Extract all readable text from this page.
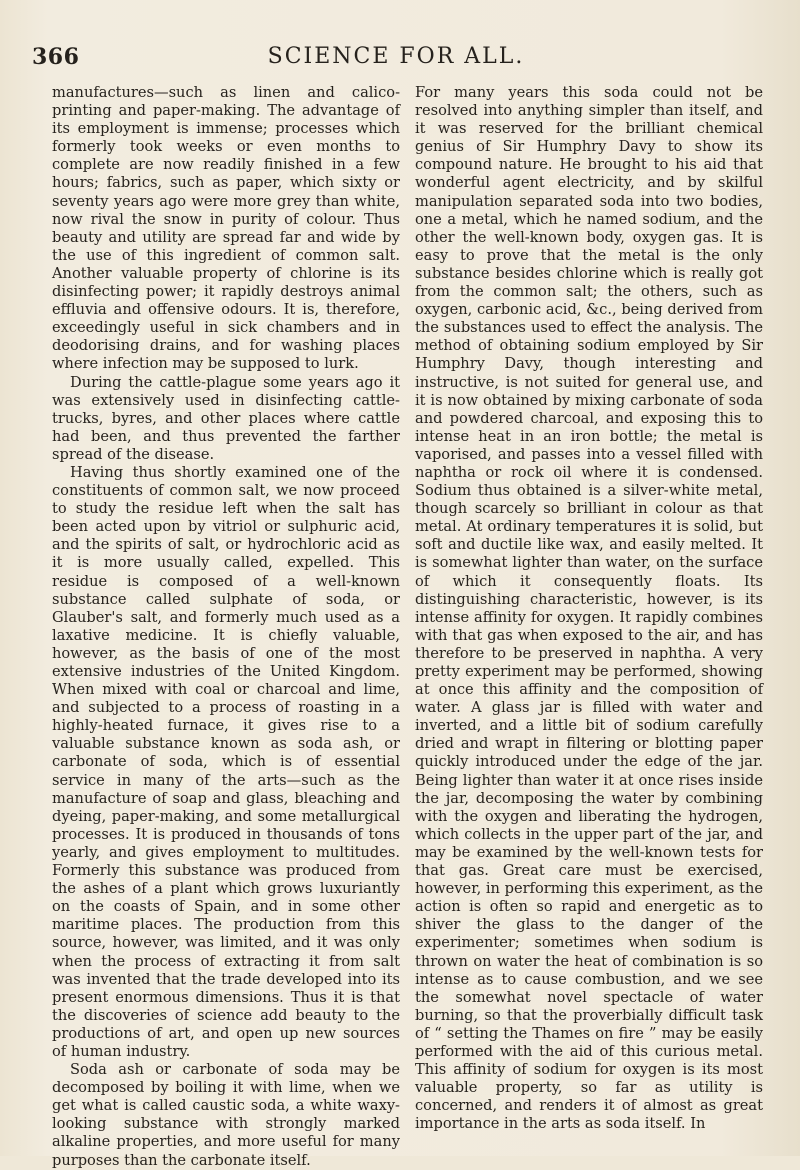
366	SCIENCE FOR ALL.

manufactures—such as linen and calico-printing and paper-making. The advantage of its employment is immense; processes which formerly took weeks or even months to complete are now readily finished in a few hours; fabrics, such as paper, which sixty or seventy years ago were more grey than white, now rival the snow in purity of colour. Thus beauty and utility are spread far and wide by the use of this ingredient of common salt. Another valuable property of chlorine is its disinfecting power; it rapidly destroys animal effluvia and offensive odours. It is, therefore, exceedingly useful in sick chambers and in deodorising drains, and for washing places where infection may be supposed to lurk.

During the cattle-plague some years ago it was extensively used in disinfecting cattle-trucks, byres, and other places where cattle had been, and thus prevented the farther spread of the disease.

Having thus shortly examined one of the constituents of common salt, we now proceed to study the residue left when the salt has been acted upon by vitriol or sulphuric acid, and the spirits of salt, or hydrochloric acid as it is more usually called, expelled. This residue is composed of a well-known substance called sulphate of soda, or Glauber's salt, and formerly much used as a laxative medicine. It is chiefly valuable, however, as the basis of one of the most extensive industries of the United Kingdom. When mixed with coal or charcoal and lime, and subjected to a process of roasting in a highly-heated furnace, it gives rise to a valuable substance known as soda ash, or carbonate of soda, which is of essential service in many of the arts—such as the manufacture of soap and glass, bleaching and dyeing, paper-making, and some metallurgical processes. It is produced in thousands of tons yearly, and gives employment to multitudes. Formerly this substance was produced from the ashes of a plant which grows luxuriantly on the coasts of Spain, and in some other maritime places. The production from this source, however, was limited, and it was only when the process of extracting it from salt was invented that the trade developed into its present enormous dimensions. Thus it is that the discoveries of science add beauty to the productions of art, and open up new sources of human industry.

Soda ash or carbonate of soda may be decomposed by boiling it with lime, when we get what is called caustic soda, a white waxy-looking substance with strongly marked alkaline properties, and more useful for many purposes than the carbonate itself.

For many years this soda could not be resolved into anything simpler than itself, and it was reserved for the brilliant chemical genius of Sir Humphry Davy to show its compound nature. He brought to his aid that wonderful agent electricity, and by skilful manipulation separated soda into two bodies, one a metal, which he named sodium, and the other the well-known body, oxygen gas. It is easy to prove that the metal is the only substance besides chlorine which is really got from the common salt; the others, such as oxygen, carbonic acid, &c., being derived from the substances used to effect the analysis. The method of obtaining sodium employed by Sir Humphry Davy, though interesting and instructive, is not suited for general use, and it is now obtained by mixing carbonate of soda and powdered charcoal, and exposing this to intense heat in an iron bottle; the metal is vaporised, and passes into a vessel filled with naphtha or rock oil where it is condensed. Sodium thus obtained is a silver-white metal, though scarcely so brilliant in colour as that metal. At ordinary temperatures it is solid, but soft and ductile like wax, and easily melted. It is somewhat lighter than water, on the surface of which it consequently floats. Its distinguishing characteristic, however, is its intense affinity for oxygen. It rapidly combines with that gas when exposed to the air, and has therefore to be preserved in naphtha. A very pretty experiment may be performed, showing at once this affinity and the composition of water. A glass jar is filled with water and inverted, and a little bit of sodium carefully dried and wrapt in filtering or blotting paper quickly introduced under the edge of the jar. Being lighter than water it at once rises inside the jar, decomposing the water by combining with the oxygen and liberating the hydrogen, which collects in the upper part of the jar, and may be examined by the well-known tests for that gas. Great care must be exercised, however, in performing this experiment, as the action is often so rapid and energetic as to shiver the glass to the danger of the experimenter; sometimes when sodium is thrown on water the heat of combination is so intense as to cause combustion, and we see the somewhat novel spectacle of water burning, so that the proverbially difficult task of “ setting the Thames on fire ” may be easily performed with the aid of this curious metal. This affinity of sodium for oxygen is its most valuable property, so far as utility is concerned, and renders it of almost as great importance in the arts as soda itself. In
